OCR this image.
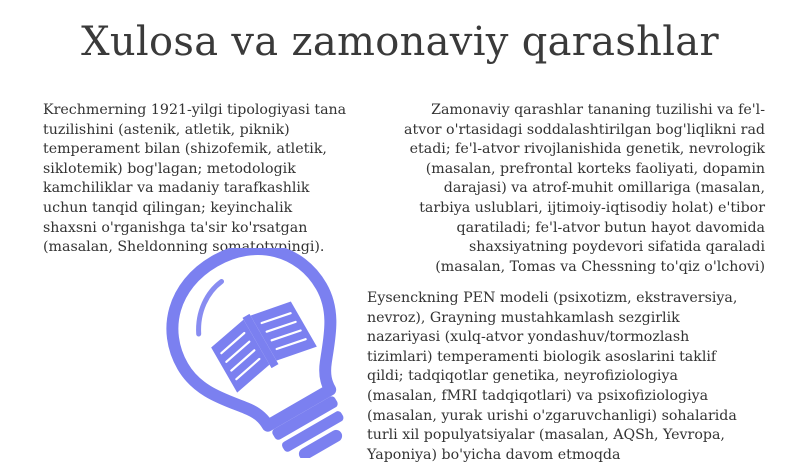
Xulosa va zamonaviy qarashlar

Krechmerning 1921-yilgi tipologiyasi tana tuzilishini (astenik, atletik, piknik) temperament bilan (shizofemik, atletik, siklotemik) bog'lagan; metodologik kamchiliklar va madaniy tarafkashlik uchun tanqid qilingan; keyinchalik shaxsni o'rganishga ta'sir ko'rsatgan (masalan, Sheldonning somatotypingi).

Zamonaviy qarashlar tananing tuzilishi va fe'l-atvor o'rtasidagi soddalashtirilgan bog'liqlikni rad etadi; fe'l-atvor rivojlanishida genetik, nevrologik (masalan, prefrontal korteks faoliyati, dopamin darajasi) va atrof-muhit omillariga (masalan, tarbiya uslublari, ijtimoiy-iqtisodiy holat) e'tibor qaratiladi; fe'l-atvor butun hayot davomida shaxsiyatning poydevori sifatida qaraladi (masalan, Tomas va Chessning to'qiz o'lchovi)

Eysenckning PEN modeli (psixotizm, ekstraversiya, nevroz), Grayning mustahkamlash sezgirlik nazariyasi (xulq-atvor yondashuv/tormozlash tizimlari) temperamenti biologik asoslarini taklif qildi; tadqiqotlar genetika, neyrofiziologiya (masalan, fMRI tadqiqotlari) va psixofiziologiya (masalan, yurak urishi o'zgaruvchanligi) sohalarida turli xil populyatsiyalar (masalan, AQSh, Yevropa, Yaponiya) bo'yicha davom etmoqda
